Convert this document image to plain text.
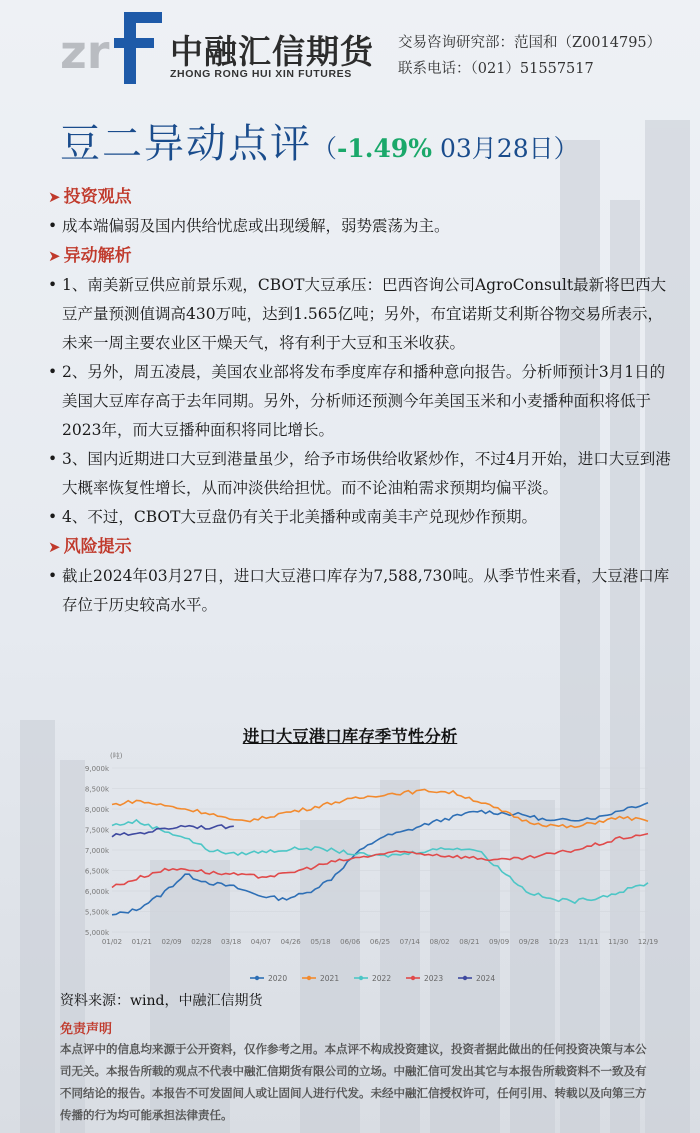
zr 中融汇信期货
ZHONG RONG HUI XIN FUTURES
交易咨询研究部：范国和（Z0014795）
联系电话：（021）51557517
豆二异动点评（-1.49% 03月28日）
➤ 投资观点
• 成本端偏弱及国内供给忧虑或出现缓解，弱势震荡为主。
➤ 异动解析
• 1、南美新豆供应前景乐观，CBOT大豆承压：巴西咨询公司AgroConsult最新将巴西大豆产量预测值调高430万吨，达到1.565亿吨；另外，布宜诺斯艾利斯谷物交易所表示，未来一周主要农业区干燥天气，将有利于大豆和玉米收获。
• 2、另外，周五凌晨，美国农业部将发布季度库存和播种意向报告。分析师预计3月1日的美国大豆库存高于去年同期。另外，分析师还预测今年美国玉米和小麦播种面积将低于2023年，而大豆播种面积将同比增长。
• 3、国内近期进口大豆到港量虽少，给予市场供给收紧炒作，不过4月开始，进口大豆到港大概率恢复性增长，从而冲淡供给担忧。而不论油粕需求预期均偏平淡。
• 4、不过，CBOT大豆盘仍有关于北美播种或南美丰产兑现炒作预期。
➤ 风险提示
• 截止2024年03月27日，进口大豆港口库存为7,588,730吨。从季节性来看，大豆港口库存位于历史较高水平。
进口大豆港口库存季节性分析
(吨)
9,000k
8,500k
8,000k
7,500k
7,000k
6,500k
6,000k
5,500k
5,000k
01/02 01/21 02/09 02/28 03/18 04/07 04/26 05/18 06/06 06/25 07/14 08/02 08/21 09/09 09/28 10/23 11/11 11/30 12/19
2020	2021	2022	2023	2024
资料来源：wind，中融汇信期货
免责声明
本点评中的信息均来源于公开资料，仅作参考之用。本点评不构成投资建议，投资者据此做出的任何投资决策与本公司无关。本报告所载的观点不代表中融汇信期货有限公司的立场。中融汇信可发出其它与本报告所载资料不一致及有不同结论的报告。本报告不可发固间人或让固间人进行代发。未经中融汇信授权许可，任何引用、转载以及向第三方传播的行为均可能承担法律责任。
